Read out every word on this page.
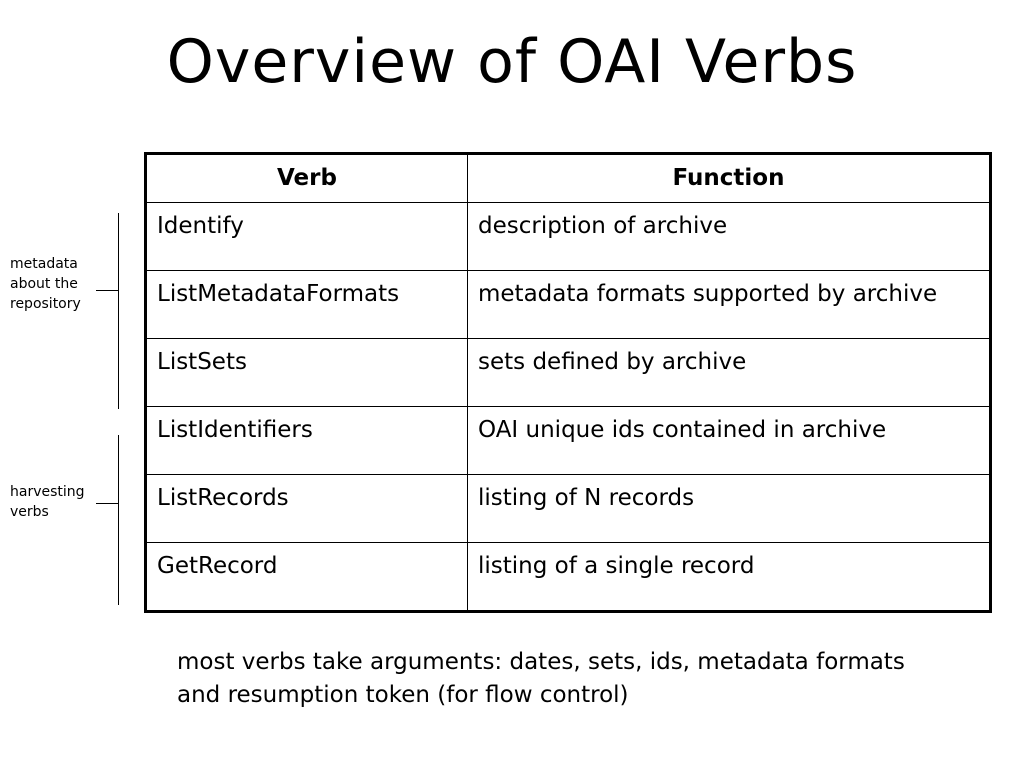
Overview of OAI Verbs
metadata about the repository
harvesting verbs
Verb	Function
Identify	description of archive
ListMetadataFormats	metadata formats supported by archive
ListSets	sets defined by archive
ListIdentifiers	OAI unique ids contained in archive
ListRecords	listing of N records
GetRecord	listing of a single record
most verbs take arguments: dates, sets, ids, metadata formats
and resumption token (for flow control)
